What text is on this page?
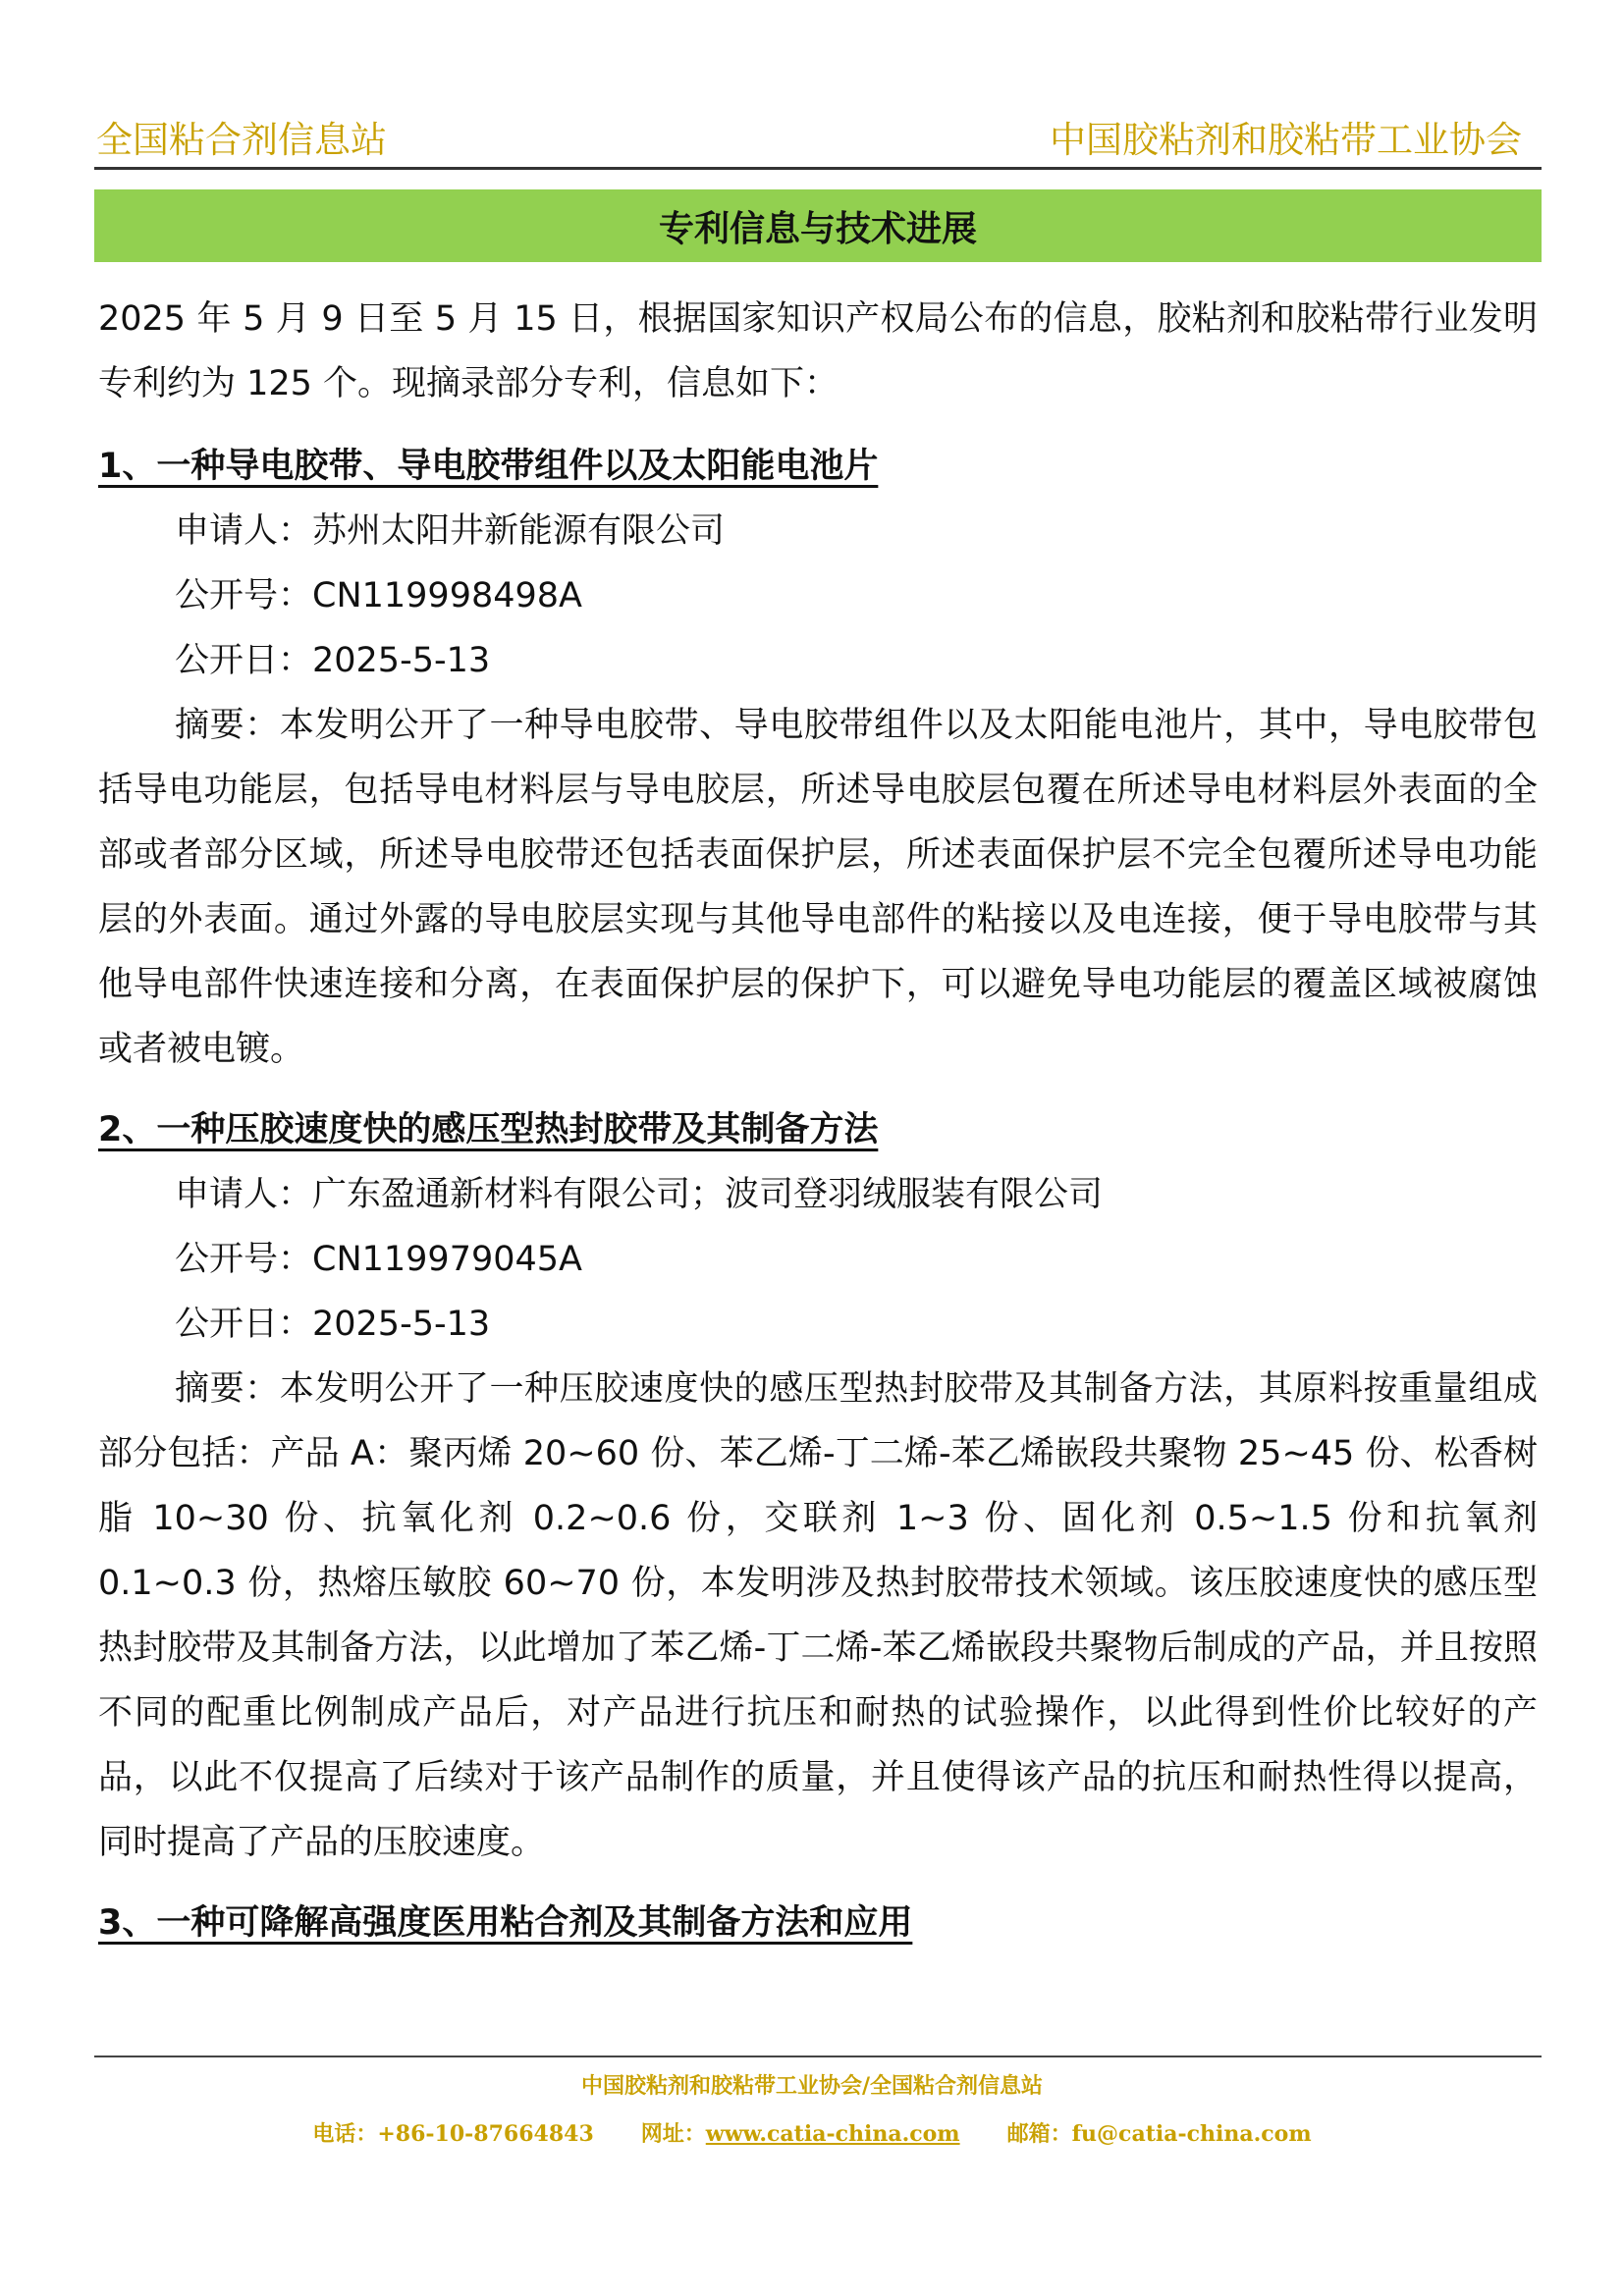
全国粘合剂信息站	中国胶粘剂和胶粘带工业协会
专利信息与技术进展

2025 年 5 月 9 日至 5 月 15 日，根据国家知识产权局公布的信息，胶粘剂和胶粘带行业发明专利约为 125 个。现摘录部分专利，信息如下：

1、一种导电胶带、导电胶带组件以及太阳能电池片

申请人：苏州太阳井新能源有限公司

公开号：CN119998498A

公开日：2025-5-13

摘要：本发明公开了一种导电胶带、导电胶带组件以及太阳能电池片，其中，导电胶带包括导电功能层，包括导电材料层与导电胶层，所述导电胶层包覆在所述导电材料层外表面的全部或者部分区域，所述导电胶带还包括表面保护层，所述表面保护层不完全包覆所述导电功能层的外表面。通过外露的导电胶层实现与其他导电部件的粘接以及电连接，便于导电胶带与其他导电部件快速连接和分离，在表面保护层的保护下，可以避免导电功能层的覆盖区域被腐蚀或者被电镀。

2、一种压胶速度快的感压型热封胶带及其制备方法

申请人：广东盈通新材料有限公司；波司登羽绒服装有限公司

公开号：CN119979045A

公开日：2025-5-13

摘要：本发明公开了一种压胶速度快的感压型热封胶带及其制备方法，其原料按重量组成部分包括：产品 A：聚丙烯 20~60 份、苯乙烯-丁二烯-苯乙烯嵌段共聚物 25~45 份、松香树脂 10~30 份、抗氧化剂 0.2~0.6 份，交联剂 1~3 份、固化剂 0.5~1.5 份和抗氧剂 0.1~0.3 份，热熔压敏胶 60~70 份，本发明涉及热封胶带技术领域。该压胶速度快的感压型热封胶带及其制备方法，以此增加了苯乙烯-丁二烯-苯乙烯嵌段共聚物后制成的产品，并且按照不同的配重比例制成产品后，对产品进行抗压和耐热的试验操作，以此得到性价比较好的产品，以此不仅提高了后续对于该产品制作的质量，并且使得该产品的抗压和耐热性得以提高，同时提高了产品的压胶速度。

3、一种可降解高强度医用粘合剂及其制备方法和应用

中国胶粘剂和胶粘带工业协会/全国粘合剂信息站
电话：+86-10-87664843 网址：www.catia-china.com 邮箱：fu@catia-china.com
